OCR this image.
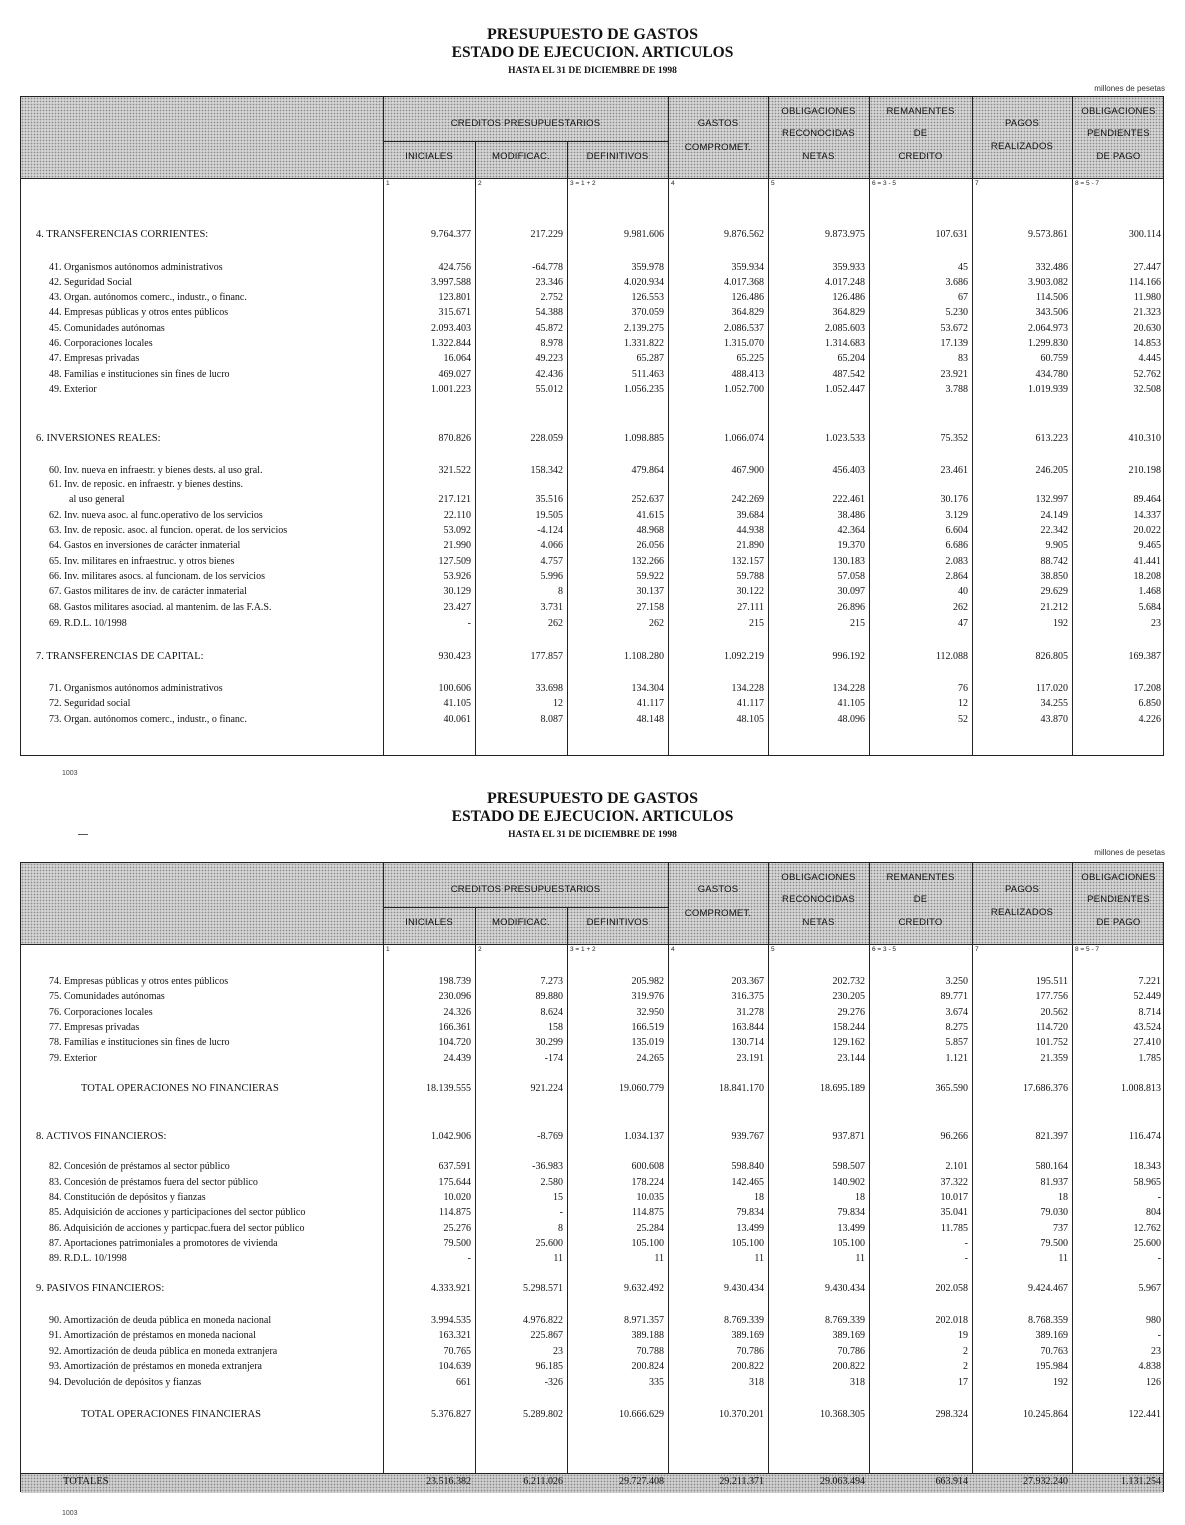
PRESUPUESTO DE GASTOS
ESTADO DE EJECUCION. ARTICULOS
HASTA EL 31 DE DICIEMBRE DE 1998
millones de pesetas
CREDITOS PRESUPUESTARIOS
INICIALES	MODIFICAC.	DEFINITIVOS
GASTOS
COMPROMET.
OBLIGACIONES
RECONOCIDAS
NETAS
REMANENTES
DE
CREDITO
PAGOS
REALIZADOS
OBLIGACIONES
PENDIENTES
DE PAGO
1	2	3 = 1 + 2	4	5	6 = 3 - 5	7	8 = 5 - 7
4. TRANSFERENCIAS CORRIENTES:	9.764.377	217.229	9.981.606	9.876.562	9.873.975	107.631	9.573.861	300.114
41. Organismos autónomos administrativos	424.756	-64.778	359.978	359.934	359.933	45	332.486	27.447
42. Seguridad Social	3.997.588	23.346	4.020.934	4.017.368	4.017.248	3.686	3.903.082	114.166
43. Organ. autónomos comerc., industr., o financ.	123.801	2.752	126.553	126.486	126.486	67	114.506	11.980
44. Empresas públicas y otros entes públicos	315.671	54.388	370.059	364.829	364.829	5.230	343.506	21.323
45. Comunidades autónomas	2.093.403	45.872	2.139.275	2.086.537	2.085.603	53.672	2.064.973	20.630
46. Corporaciones locales	1.322.844	8.978	1.331.822	1.315.070	1.314.683	17.139	1.299.830	14.853
47. Empresas privadas	16.064	49.223	65.287	65.225	65.204	83	60.759	4.445
48. Familias e instituciones sin fines de lucro	469.027	42.436	511.463	488.413	487.542	23.921	434.780	52.762
49. Exterior	1.001.223	55.012	1.056.235	1.052.700	1.052.447	3.788	1.019.939	32.508
6. INVERSIONES REALES:	870.826	228.059	1.098.885	1.066.074	1.023.533	75.352	613.223	410.310
60. Inv. nueva en infraestr. y bienes dests. al uso gral.	321.522	158.342	479.864	467.900	456.403	23.461	246.205	210.198
61. Inv. de reposic. en infraestr. y bienes destins.
al uso general	217.121	35.516	252.637	242.269	222.461	30.176	132.997	89.464
62. Inv. nueva asoc. al func.operativo de los servicios	22.110	19.505	41.615	39.684	38.486	3.129	24.149	14.337
63. Inv. de reposic. asoc. al funcion. operat. de los servicios	53.092	-4.124	48.968	44.938	42.364	6.604	22.342	20.022
64. Gastos en inversiones de carácter inmaterial	21.990	4.066	26.056	21.890	19.370	6.686	9.905	9.465
65. Inv. militares en infraestruc. y otros bienes	127.509	4.757	132.266	132.157	130.183	2.083	88.742	41.441
66. Inv. militares asocs. al funcionam. de los servicios	53.926	5.996	59.922	59.788	57.058	2.864	38.850	18.208
67. Gastos militares de inv. de carácter inmaterial	30.129	8	30.137	30.122	30.097	40	29.629	1.468
68. Gastos militares asociad. al mantenim. de las F.A.S.	23.427	3.731	27.158	27.111	26.896	262	21.212	5.684
69. R.D.L. 10/1998	-	262	262	215	215	47	192	23
7. TRANSFERENCIAS DE CAPITAL:	930.423	177.857	1.108.280	1.092.219	996.192	112.088	826.805	169.387
71. Organismos autónomos administrativos	100.606	33.698	134.304	134.228	134.228	76	117.020	17.208
72. Seguridad social	41.105	12	41.117	41.117	41.105	12	34.255	6.850
73. Organ. autónomos comerc., industr., o financ.	40.061	8.087	48.148	48.105	48.096	52	43.870	4.226
1003
PRESUPUESTO DE GASTOS
ESTADO DE EJECUCION. ARTICULOS
HASTA EL 31 DE DICIEMBRE DE 1998
millones de pesetas
CREDITOS PRESUPUESTARIOS
INICIALES	MODIFICAC.	DEFINITIVOS
GASTOS
COMPROMET.
OBLIGACIONES
RECONOCIDAS
NETAS
REMANENTES
DE
CREDITO
PAGOS
REALIZADOS
OBLIGACIONES
PENDIENTES
DE PAGO
1	2	3 = 1 + 2	4	5	6 = 3 - 5	7	8 = 5 - 7
74. Empresas públicas y otros entes públicos	198.739	7.273	205.982	203.367	202.732	3.250	195.511	7.221
75. Comunidades autónomas	230.096	89.880	319.976	316.375	230.205	89.771	177.756	52.449
76. Corporaciones locales	24.326	8.624	32.950	31.278	29.276	3.674	20.562	8.714
77. Empresas privadas	166.361	158	166.519	163.844	158.244	8.275	114.720	43.524
78. Familias e instituciones sin fines de lucro	104.720	30.299	135.019	130.714	129.162	5.857	101.752	27.410
79. Exterior	24.439	-174	24.265	23.191	23.144	1.121	21.359	1.785
TOTAL OPERACIONES NO FINANCIERAS	18.139.555	921.224	19.060.779	18.841.170	18.695.189	365.590	17.686.376	1.008.813
8. ACTIVOS FINANCIEROS:	1.042.906	-8.769	1.034.137	939.767	937.871	96.266	821.397	116.474
82. Concesión de préstamos al sector público	637.591	-36.983	600.608	598.840	598.507	2.101	580.164	18.343
83. Concesión de préstamos fuera del sector público	175.644	2.580	178.224	142.465	140.902	37.322	81.937	58.965
84. Constitución de depósitos y fianzas	10.020	15	10.035	18	18	10.017	18	-
85. Adquisición de acciones y participaciones del sector público	114.875	-	114.875	79.834	79.834	35.041	79.030	804
86. Adquisición de acciones y particpac.fuera del sector público	25.276	8	25.284	13.499	13.499	11.785	737	12.762
87. Aportaciones patrimoniales a promotores de vivienda	79.500	25.600	105.100	105.100	105.100	-	79.500	25.600
89. R.D.L. 10/1998	-	11	11	11	11	-	11	-
9. PASIVOS FINANCIEROS:	4.333.921	5.298.571	9.632.492	9.430.434	9.430.434	202.058	9.424.467	5.967
90. Amortización de deuda pública en moneda nacional	3.994.535	4.976.822	8.971.357	8.769.339	8.769.339	202.018	8.768.359	980
91. Amortización de préstamos en moneda nacional	163.321	225.867	389.188	389.169	389.169	19	389.169	-
92. Amortización de deuda pública en moneda extranjera	70.765	23	70.788	70.786	70.786	2	70.763	23
93. Amortización de préstamos en moneda extranjera	104.639	96.185	200.824	200.822	200.822	2	195.984	4.838
94. Devolución de depósitos y fianzas	661	-326	335	318	318	17	192	126
TOTAL OPERACIONES FINANCIERAS	5.376.827	5.289.802	10.666.629	10.370.201	10.368.305	298.324	10.245.864	122.441
TOTALES	23.516.382	6.211.026	29.727.408	29.211.371	29.063.494	663.914	27.932.240	1.131.254
1003
